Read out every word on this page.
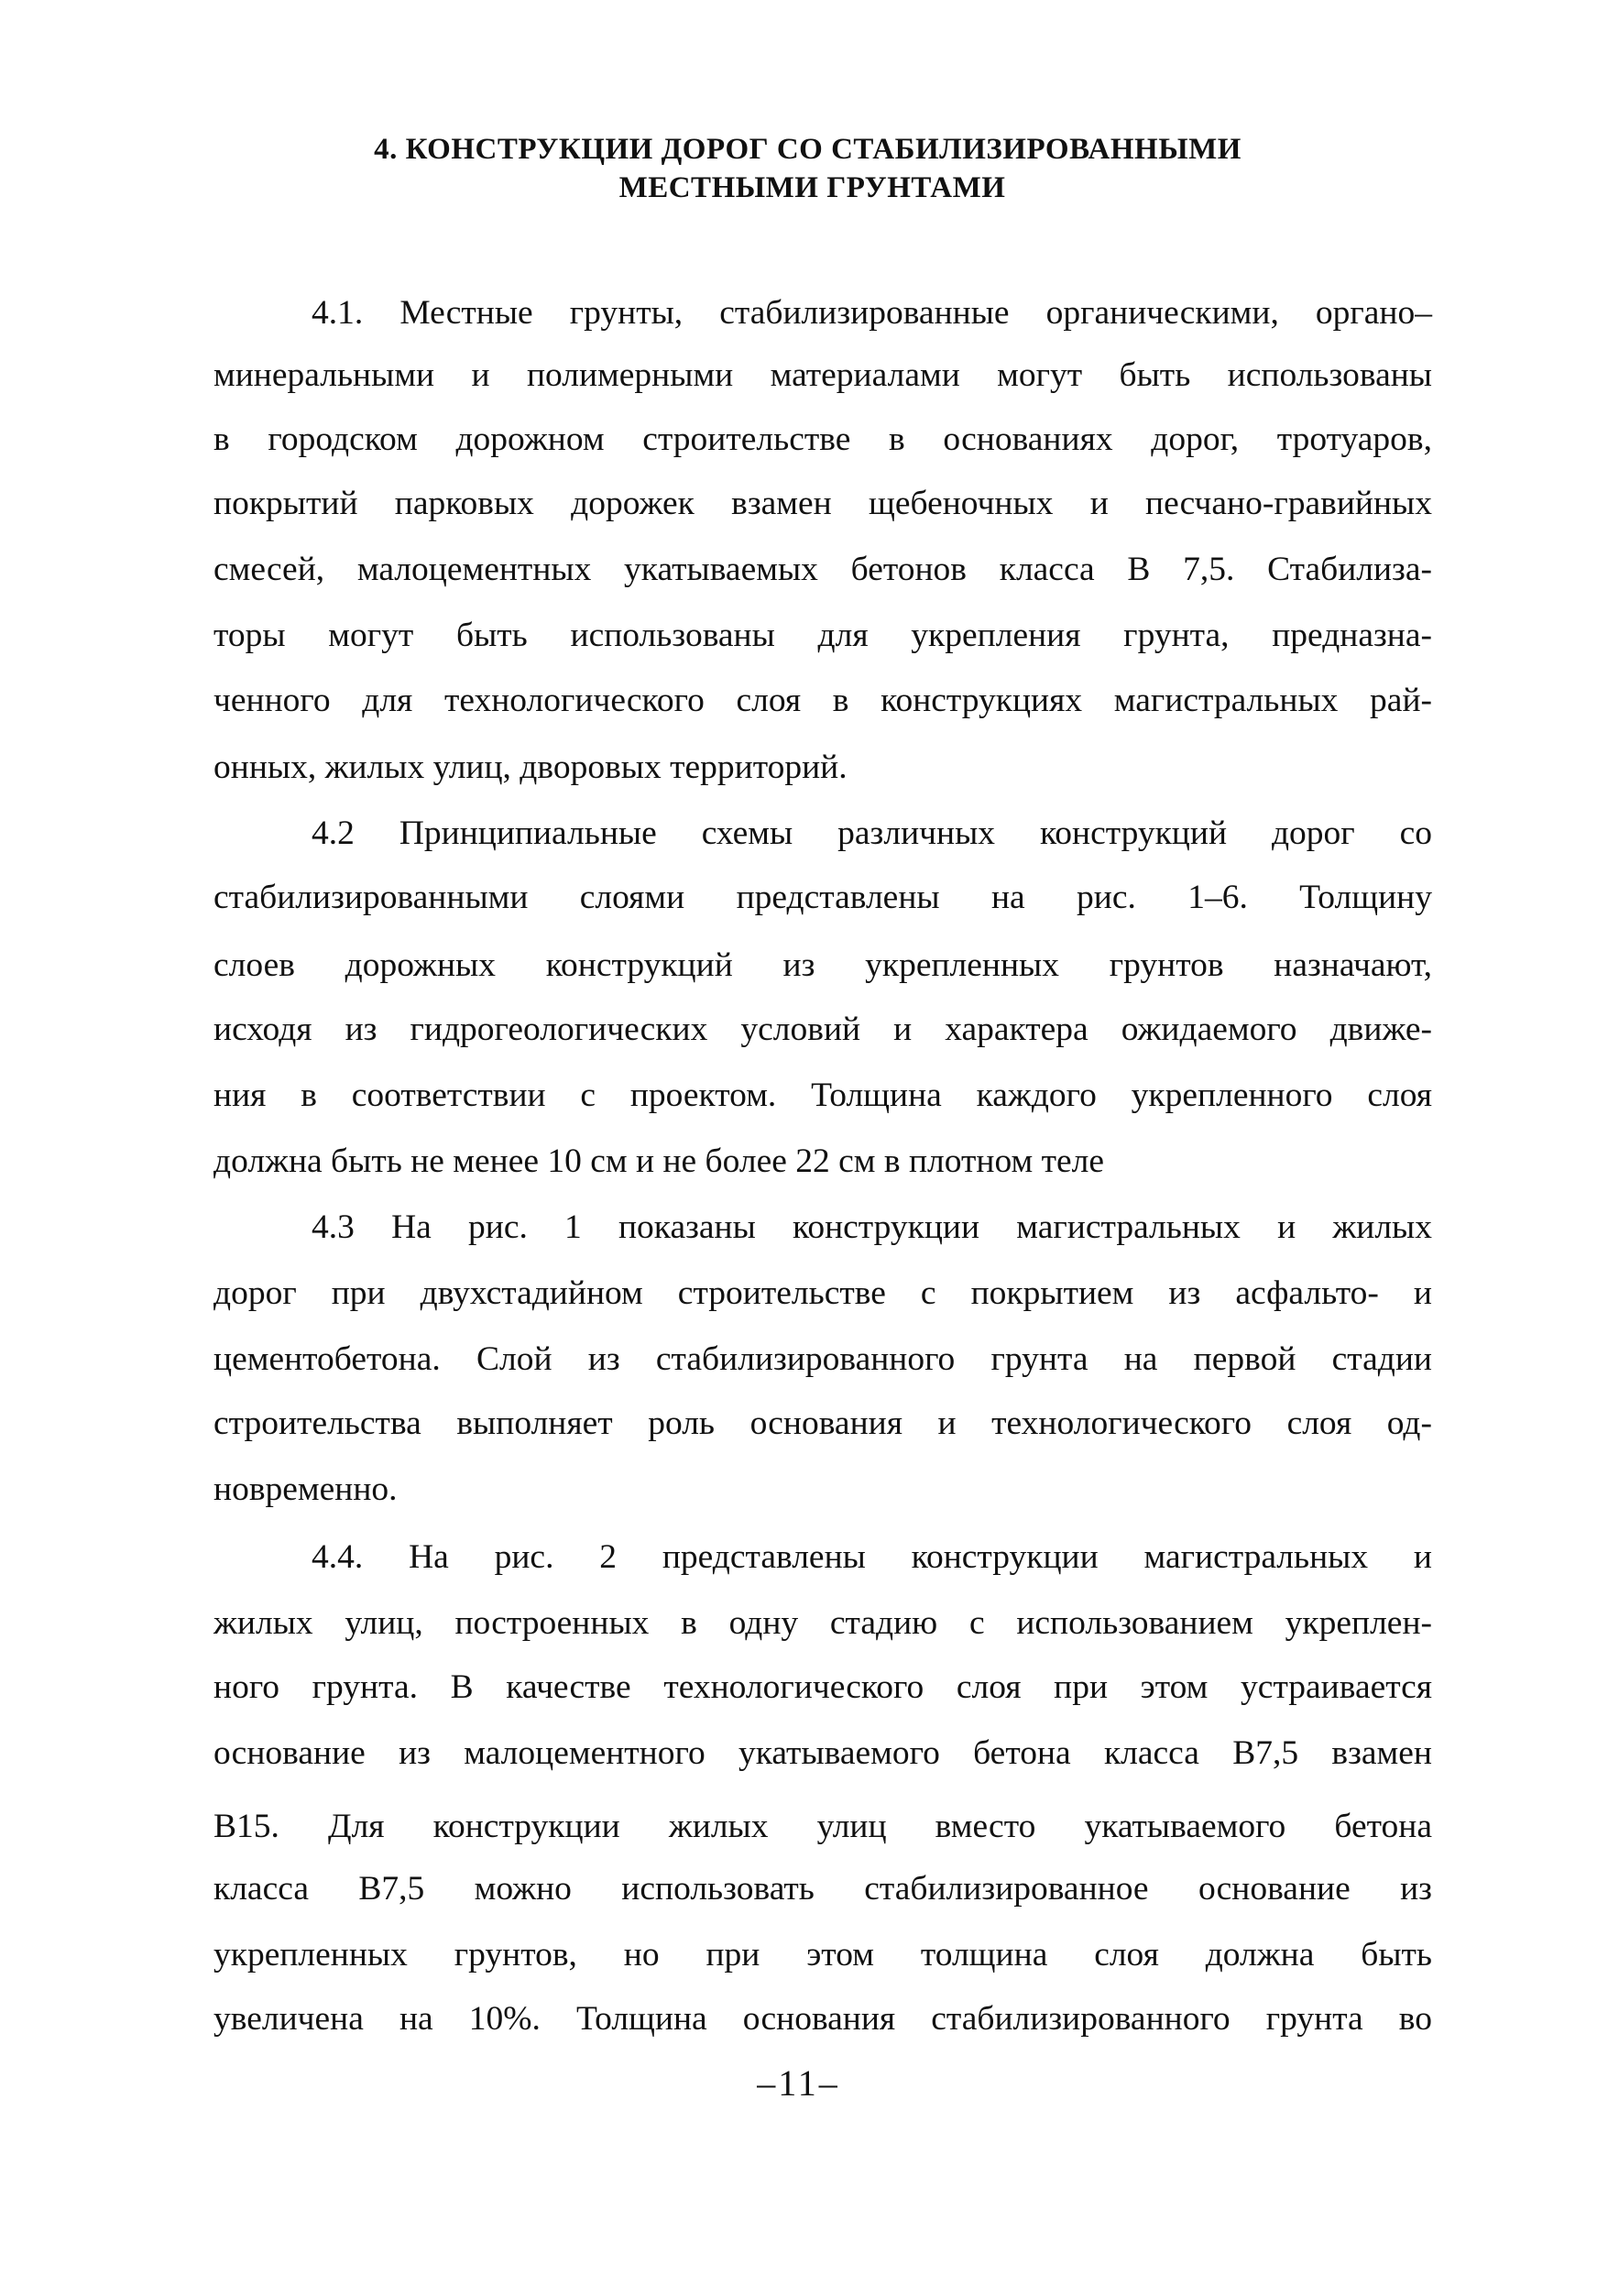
4. КОНСТРУКЦИИ ДОРОГ СО СТАБИЛИЗИРОВАННЫМИ
МЕСТНЫМИ ГРУНТАМИ
4.1. Местные грунты, стабилизированные органическими, органо–
минеральными и полимерными материалами могут быть использованы
в городском дорожном строительстве в основаниях дорог, тротуаров,
покрытий парковых дорожек взамен щебеночных и песчано-гравийных
смесей, малоцементных укатываемых бетонов класса В 7,5. Стабилиза-
торы могут быть использованы для укрепления грунта, предназна-
ченного для технологического слоя в конструкциях магистральных рай-
онных, жилых улиц, дворовых территорий.
4.2 Принципиальные схемы различных конструкций дорог со
стабилизированными слоями представлены на рис. 1–6. Толщину
слоев дорожных конструкций из укрепленных грунтов назначают,
исходя из гидрогеологических условий и характера ожидаемого движе-
ния в соответствии с проектом. Толщина каждого укрепленного слоя
должна быть не менее 10 см и не более 22 см в плотном теле
4.3 На рис. 1 показаны конструкции магистральных и жилых
дорог при двухстадийном строительстве с покрытием из асфальто- и
цементобетона. Слой из стабилизированного грунта на первой стадии
строительства выполняет роль основания и технологического слоя од-
новременно.
4.4. На рис. 2 представлены конструкции магистральных и
жилых улиц, построенных в одну стадию с использованием укреплен-
ного грунта. В качестве технологического слоя при этом устраивается
основание из малоцементного укатываемого бетона класса В7,5 взамен
В15. Для конструкции жилых улиц вместо укатываемого бетона
класса В7,5 можно использовать стабилизированное основание из
укрепленных грунтов, но при этом толщина слоя должна быть
увеличена на 10%. Толщина основания стабилизированного грунта во
–11–
